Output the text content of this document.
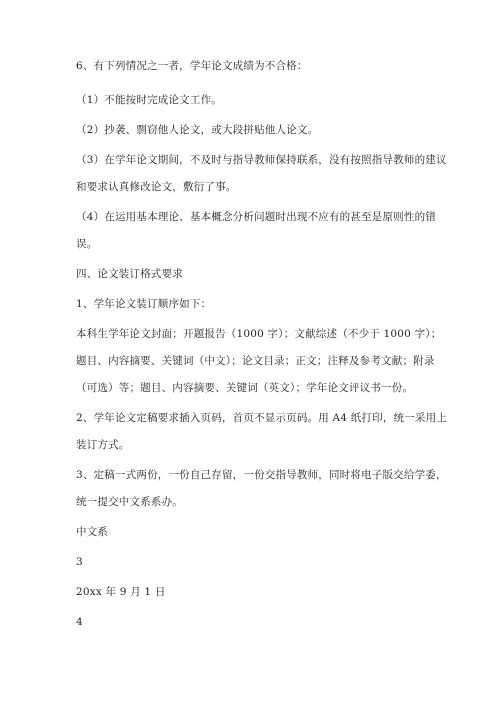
6、有下列情况之一者，学年论文成绩为不合格：
（1）不能按时完成论文工作。
（2）抄袭、剽窃他人论文，或大段拼贴他人论文。
（3）在学年论文期间，不及时与指导教师保持联系，没有按照指导教师的建议
和要求认真修改论文，敷衍了事。
（4）在运用基本理论、基本概念分析问题时出现不应有的甚至是原则性的错
误。
四、论文装订格式要求
1、学年论文装订顺序如下：
本科生学年论文封面；开题报告（1000 字）；文献综述（不少于 1000 字）；
题目、内容摘要、关键词（中文）；论文目录；正文；注释及参考文献；附录
（可选）等；题目、内容摘要、关键词（英文）；学年论文评议书一份。
2、学年论文定稿要求插入页码，首页不显示页码。用 A4 纸打印，统一采用上
装订方式。
3、定稿一式两份，一份自己存留，一份交指导教师，同时将电子版交给学委，
统一提交中文系系办。
中文系
3
20xx 年 9 月 1 日
4
